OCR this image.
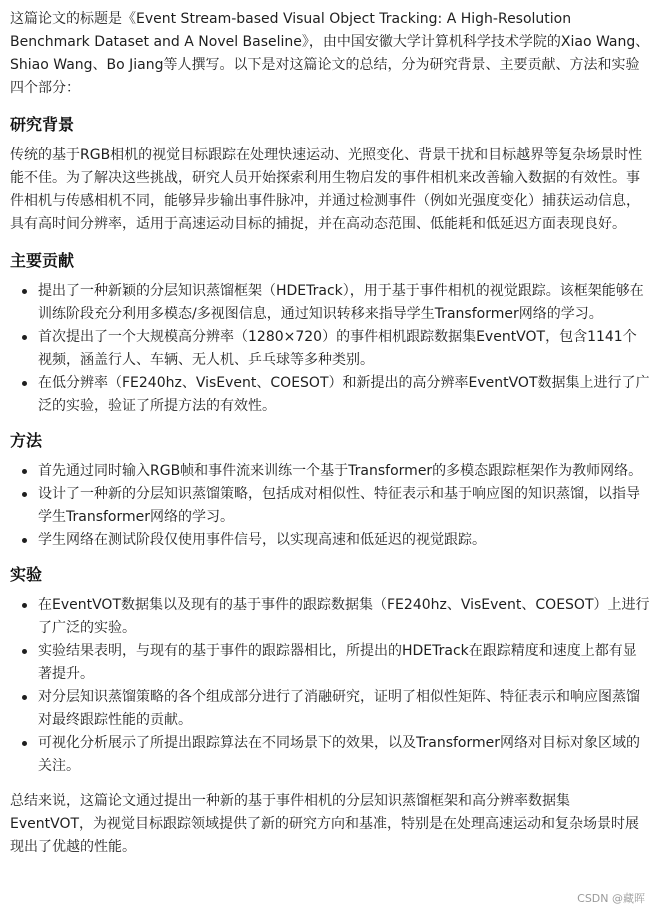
这篇论文的标题是《Event Stream-based Visual Object Tracking: A High-Resolution Benchmark Dataset and A Novel Baseline》，由中国安徽大学计算机科学技术学院的Xiao Wang、Shiao Wang、Bo Jiang等人撰写。以下是对这篇论文的总结，分为研究背景、主要贡献、方法和实验四个部分：

研究背景

传统的基于RGB相机的视觉目标跟踪在处理快速运动、光照变化、背景干扰和目标越界等复杂场景时性能不佳。为了解决这些挑战，研究人员开始探索利用生物启发的事件相机来改善输入数据的有效性。事件相机与传感相机不同，能够异步输出事件脉冲，并通过检测事件（例如光强度变化）捕获运动信息，具有高时间分辨率，适用于高速运动目标的捕捉，并在高动态范围、低能耗和低延迟方面表现良好。

主要贡献
提出了一种新颖的分层知识蒸馏框架（HDETrack），用于基于事件相机的视觉跟踪。该框架能够在训练阶段充分利用多模态/多视图信息，通过知识转移来指导学生Transformer网络的学习。
首次提出了一个大规模高分辨率（1280×720）的事件相机跟踪数据集EventVOT，包含1141个视频，涵盖行人、车辆、无人机、乒乓球等多种类别。
在低分辨率（FE240hz、VisEvent、COESOT）和新提出的高分辨率EventVOT数据集上进行了广泛的实验，验证了所提方法的有效性。
方法
首先通过同时输入RGB帧和事件流来训练一个基于Transformer的多模态跟踪框架作为教师网络。
设计了一种新的分层知识蒸馏策略，包括成对相似性、特征表示和基于响应图的知识蒸馏，以指导学生Transformer网络的学习。
学生网络在测试阶段仅使用事件信号，以实现高速和低延迟的视觉跟踪。
实验
在EventVOT数据集以及现有的基于事件的跟踪数据集（FE240hz、VisEvent、COESOT）上进行了广泛的实验。
实验结果表明，与现有的基于事件的跟踪器相比，所提出的HDETrack在跟踪精度和速度上都有显著提升。
对分层知识蒸馏策略的各个组成部分进行了消融研究，证明了相似性矩阵、特征表示和响应图蒸馏对最终跟踪性能的贡献。
可视化分析展示了所提出跟踪算法在不同场景下的效果，以及Transformer网络对目标对象区域的关注。

总结来说，这篇论文通过提出一种新的基于事件相机的分层知识蒸馏框架和高分辨率数据集EventVOT，为视觉目标跟踪领域提供了新的研究方向和基准，特别是在处理高速运动和复杂场景时展现出了优越的性能。

CSDN @藏晖
